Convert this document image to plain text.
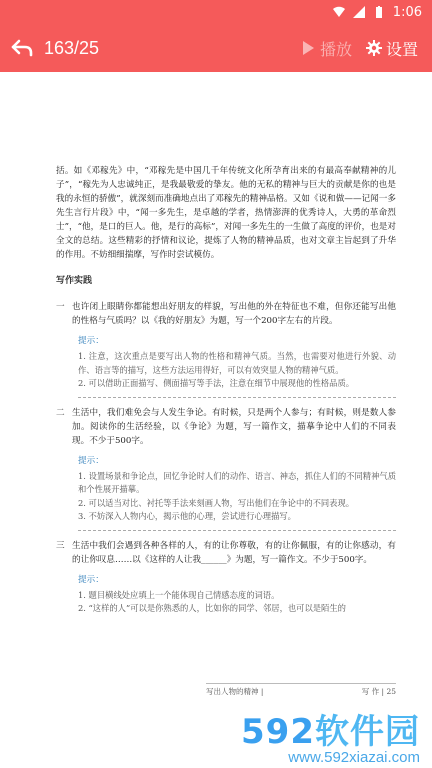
1:06
163/25	播放 设置

括。如《邓稼先》中，“邓稼先是中国几千年传统文化所孕育出来的有最高奉献精神的儿子”，“稼先为人忠诚纯正，是我最敬爱的挚友。他的无私的精神与巨大的贡献是你的也是我的永恒的骄傲”，就深刻而准确地点出了邓稼先的精神品格。又如《说和做——记闻一多先生言行片段》中，“闻一多先生，是卓越的学者，热情澎湃的优秀诗人，大勇的革命烈士”，“他，是口的巨人。他，是行的高标”，对闻一多先生的一生做了高度的评价，也是对全文的总结。这些精彩的抒情和议论，提炼了人物的精神品质，也对文章主旨起到了升华的作用。不妨细细揣摩，写作时尝试模仿。

写作实践

一 也许闭上眼睛你都能想出好朋友的样貌，写出他的外在特征也不难，但你还能写出他的性格与气质吗？以《我的好朋友》为题，写一个200字左右的片段。
提示：
1. 注意，这次重点是要写出人物的性格和精神气质。当然，也需要对他进行外貌、动作、语言等的描写，这些方法运用得好，可以有效突显人物的精神气质。
2. 可以借助正面描写、侧面描写等手法，注意在细节中展现他的性格品质。
二 生活中，我们难免会与人发生争论。有时候，只是两个人参与；有时候，则是数人参加。阅读你的生活经验，以《争论》为题，写一篇作文，描摹争论中人们的不同表现。不少于500字。
提示：
1. 设置场景和争论点，回忆争论时人们的动作、语言、神态，抓住人们的不同精神气质和个性展开描摹。
2. 可以适当对比、衬托等手法来刻画人物，写出他们在争论中的不同表现。
3. 不妨深入人物内心，揭示他的心理，尝试进行心理描写。
三 生活中我们会遇到各种各样的人，有的让你尊敬，有的让你佩服，有的让你感动，有的让你叹息……以《这样的人让我______》为题，写一篇作文。不少于500字。
提示：
1. 题目横线处应填上一个能体现自己情感态度的词语。
2. “这样的人”可以是你熟悉的人，比如你的同学、邻居，也可以是陌生的
写出人物的精神 |	写 作 | 25
592软件园
www.592xiazai.com
